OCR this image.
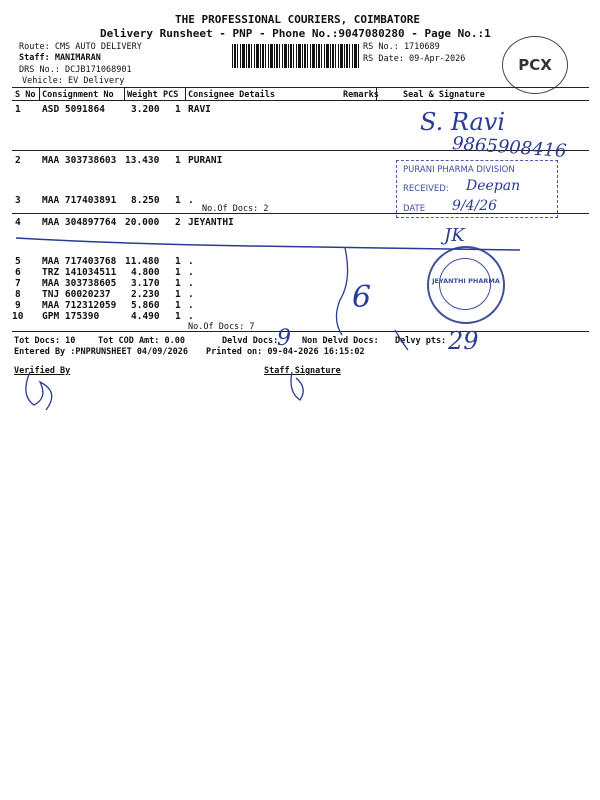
THE PROFESSIONAL COURIERS, COIMBATORE
Delivery Runsheet - PNP - Phone No.:9047080280 - Page No.:1
Route: CMS AUTO DELIVERY
Staff: MANIMARAN
DRS No.: DCJB171068901
Vehicle: EV Delivery
RS No.: 1710689
RS Date: 09-Apr-2026	PCX
S No Consignment No Weight PCS Consignee Details	Remarks	Seal & Signature
1 ASD 5091864	3.200 1 RAVI
2 MAA 303738603 13.430 1 PURANI
3 MAA 717403891 8.250 1 .
No.Of Docs: 2
4 MAA 304897764 20.000 2 JEYANTHI
5 MAA 717403768 11.480 1 .
6 TRZ 141034511 4.800 1 .
7 MAA 303738605 3.170 1 .
8 TNJ 60020237 2.230 1 .
9 MAA 712312059 5.860 1 .
10 GPM 175390	4.490 1 .
No.Of Docs: 7
Tot Docs: 10	Tot COD Amt: 0.00	Delvd Docs:	Non Delvd Docs: Delvy pts:
Entered By :PNPRUNSHEET 04/09/2026 Printed on: 09-04-2026 16:15:02
Verified By	Staff Signature
PURANI PHARMA DIVISION
RECEIVED:
DATE
JEYANTHI PHARMA
S. Ravi
9865908416
Deepan
9/4/26
JK
6
9	29
